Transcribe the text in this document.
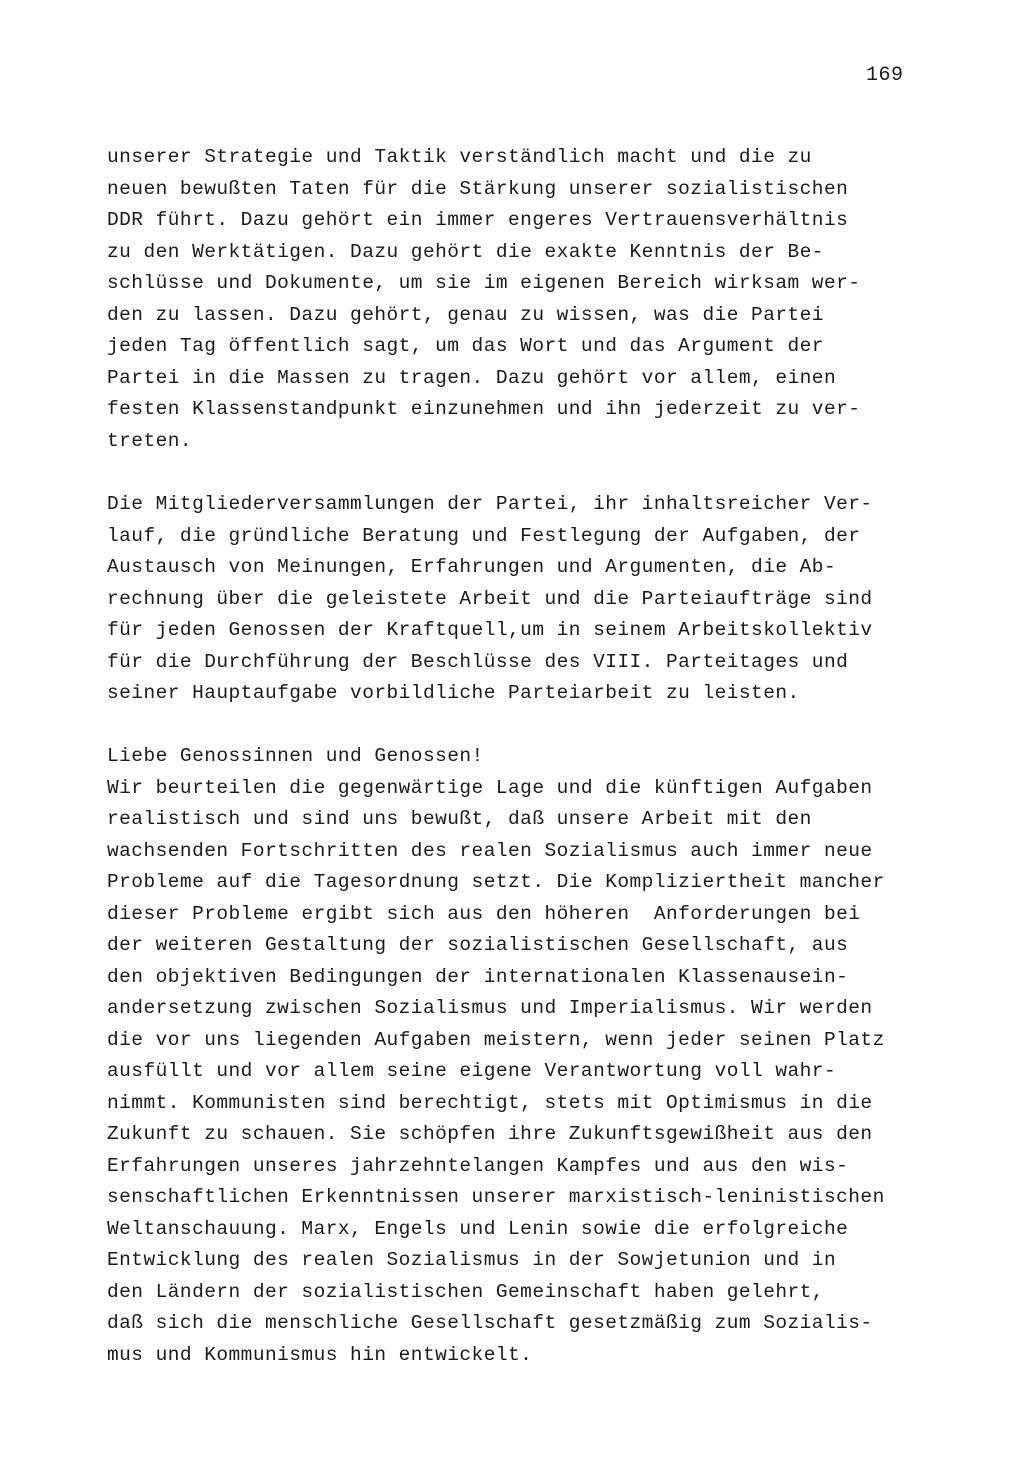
169

unserer Strategie und Taktik verständlich macht und die zu
neuen bewußten Taten für die Stärkung unserer sozialistischen
DDR führt. Dazu gehört ein immer engeres Vertrauensverhältnis
zu den Werktätigen. Dazu gehört die exakte Kenntnis der Be-
schlüsse und Dokumente, um sie im eigenen Bereich wirksam wer-
den zu lassen. Dazu gehört, genau zu wissen, was die Partei
jeden Tag öffentlich sagt, um das Wort und das Argument der
Partei in die Massen zu tragen. Dazu gehört vor allem, einen
festen Klassenstandpunkt einzunehmen und ihn jederzeit zu ver-
treten.

Die Mitgliederversammlungen der Partei, ihr inhaltsreicher Ver-
lauf, die gründliche Beratung und Festlegung der Aufgaben, der
Austausch von Meinungen, Erfahrungen und Argumenten, die Ab-
rechnung über die geleistete Arbeit und die Parteiaufträge sind
für jeden Genossen der Kraftquell,um in seinem Arbeitskollektiv
für die Durchführung der Beschlüsse des VIII. Parteitages und
seiner Hauptaufgabe vorbildliche Parteiarbeit zu leisten.

Liebe Genossinnen und Genossen!
Wir beurteilen die gegenwärtige Lage und die künftigen Aufgaben
realistisch und sind uns bewußt, daß unsere Arbeit mit den
wachsenden Fortschritten des realen Sozialismus auch immer neue
Probleme auf die Tagesordnung setzt. Die Kompliziertheit mancher
dieser Probleme ergibt sich aus den höheren  Anforderungen bei
der weiteren Gestaltung der sozialistischen Gesellschaft, aus
den objektiven Bedingungen der internationalen Klassenausein-
andersetzung zwischen Sozialismus und Imperialismus. Wir werden
die vor uns liegenden Aufgaben meistern, wenn jeder seinen Platz
ausfüllt und vor allem seine eigene Verantwortung voll wahr-
nimmt. Kommunisten sind berechtigt, stets mit Optimismus in die
Zukunft zu schauen. Sie schöpfen ihre Zukunftsgewißheit aus den
Erfahrungen unseres jahrzehntelangen Kampfes und aus den wis-
senschaftlichen Erkenntnissen unserer marxistisch-leninistischen
Weltanschauung. Marx, Engels und Lenin sowie die erfolgreiche
Entwicklung des realen Sozialismus in der Sowjetunion und in
den Ländern der sozialistischen Gemeinschaft haben gelehrt,
daß sich die menschliche Gesellschaft gesetzmäßig zum Sozialis-
mus und Kommunismus hin entwickelt.
